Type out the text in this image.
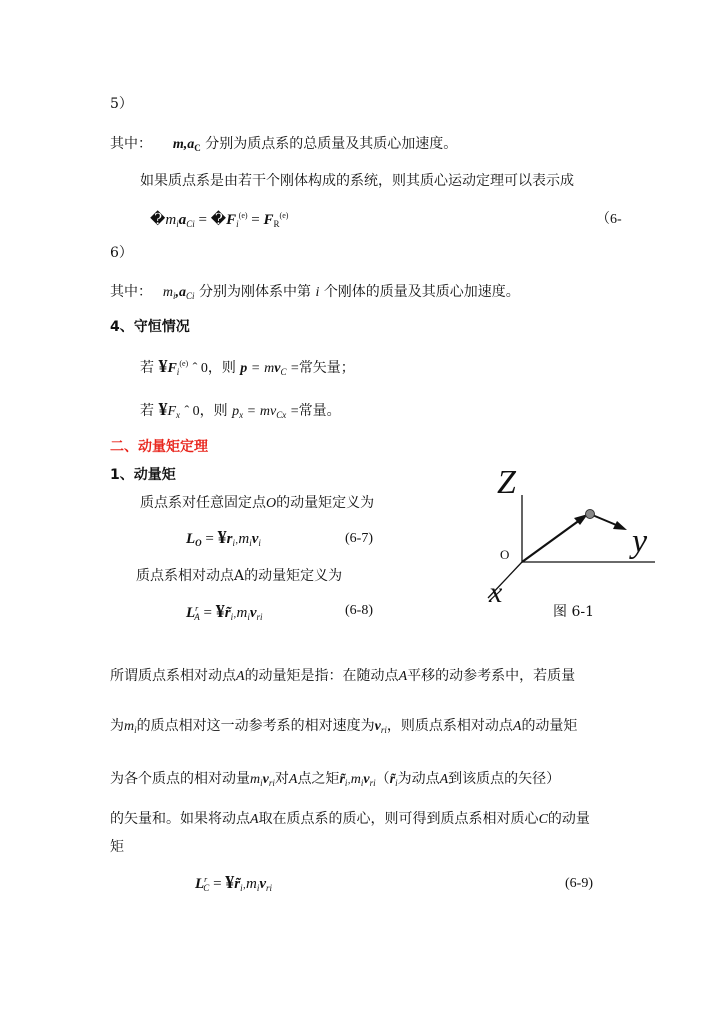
5）
其中： $m,a_C$ 分别为质点系的总质量及其质心加速度。
如果质点系是由若干个刚体构成的系统，则其质心运动定理可以表示成
$�m_ia_{Ci}$ = $�F_i^{(e)} = F_R^{(e)}$	（6-
6）
其中： $m_i,a_{Ci}$ 分别为刚体系中第 i 个刚体的质量及其质心加速度。
4、守恒情况
若 $¥F_i^{(e)}$ ˆ 0，则 $p = mv_C$ =常矢量；
若 $¥F_x$ ˆ 0，则 $p_x = mv_{Cx}$ =常量。
二、动量矩定理
1、动量矩
质点系对任意固定点O的动量矩定义为
$L_O$ = $¥r_i‚m_iv_i$	(6-7)
质点系相对动点A的动量矩定义为
$L^r_A$ = $¥r̃_i‚m_iv_{ri}$	(6-8)
Z
O	y
x
图 6-1
所谓质点系相对动点A的动量矩是指：在随动点A平移的动参考系中，若质量
为$m_i$的质点相对这一动参考系的相对速度为$v_{ri}$，则质点系相对动点A的动量矩
为各个质点的相对动量$m_iv_{ri}$对A点之矩$r̃_i‚m_iv_{ri}(r̃_i$为动点A到该质点的矢径）
的矢量和。如果将动点A取在质点系的质心，则可得到质点系相对质心C的动量
矩
$L^r_C$ = $¥r̃_i‚m_iv_{ri}$	(6-9)
